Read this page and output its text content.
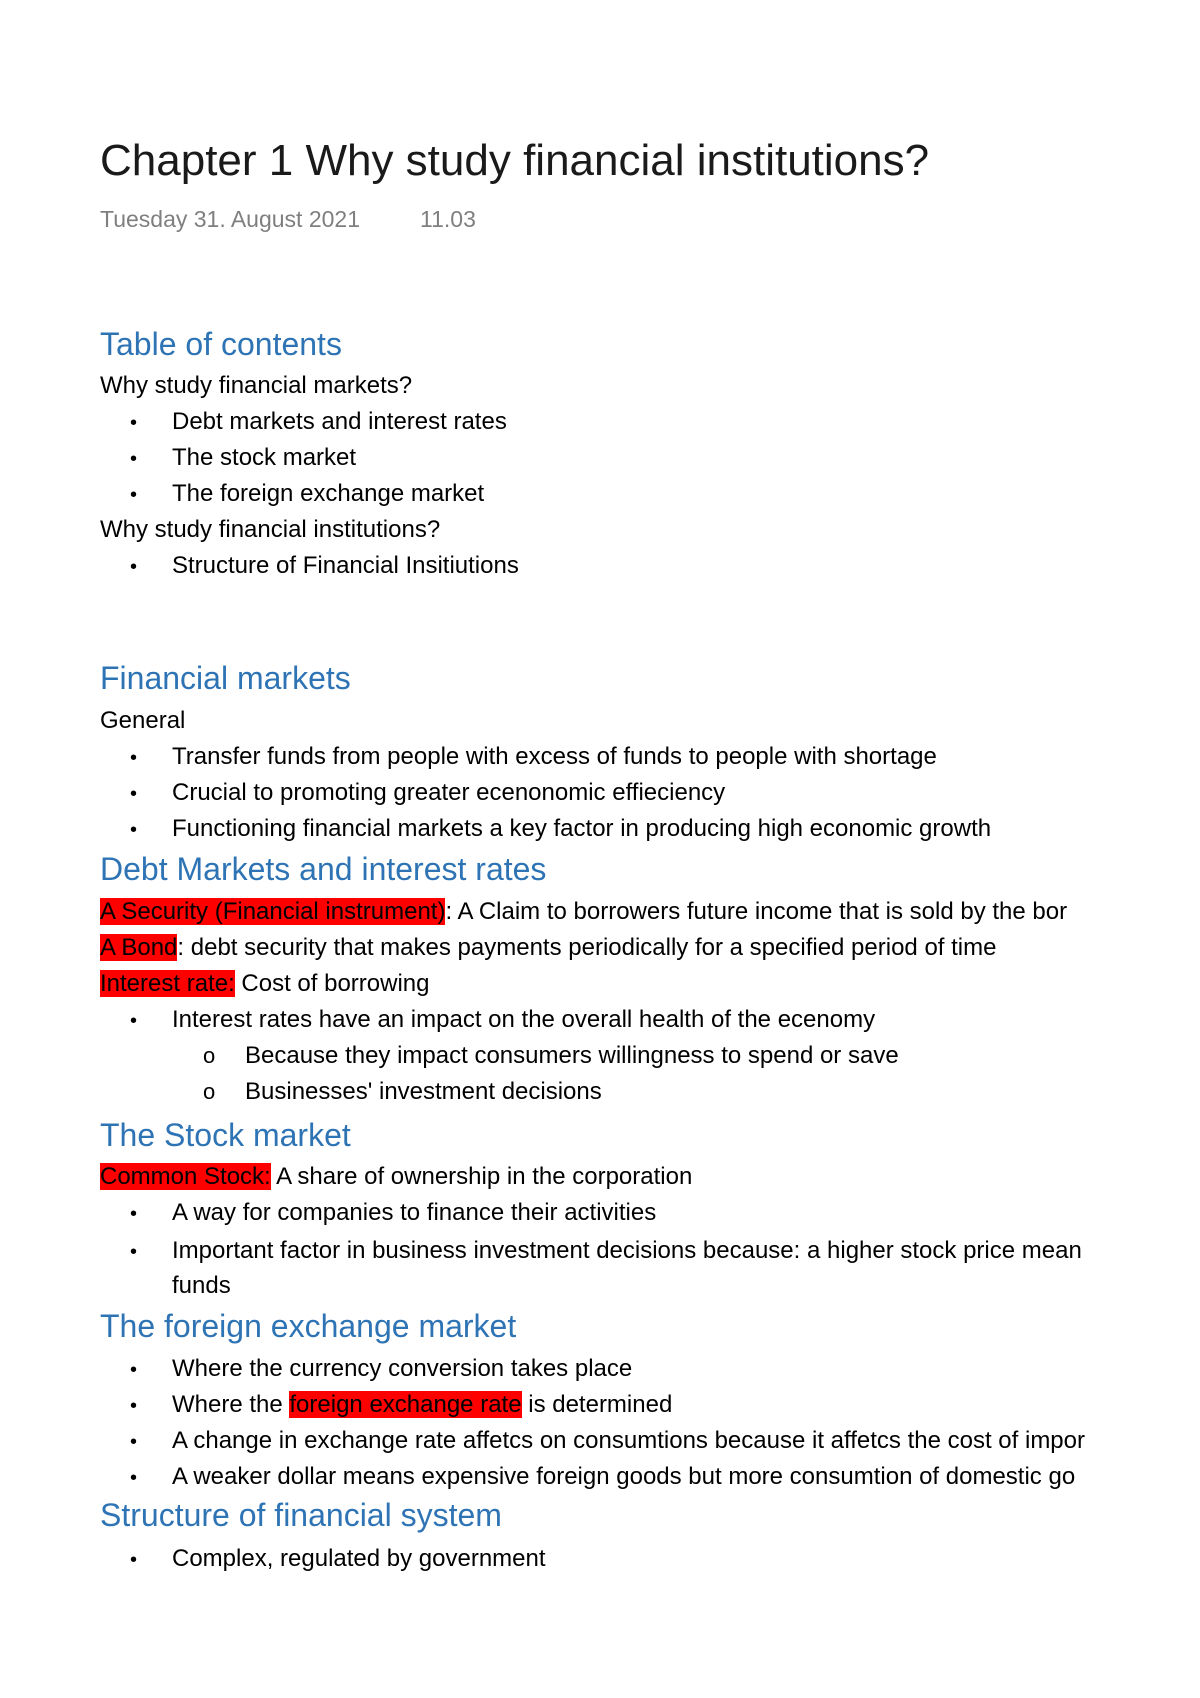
Chapter 1 Why study financial institutions?
Tuesday 31. August 2021	11.03
Table of contents
Why study financial markets?
• Debt markets and interest rates
• The stock market
• The foreign exchange market
Why study financial institutions?
• Structure of Financial Insitiutions
Financial markets
General
• Transfer funds from people with excess of funds to people with shortage
• Crucial to promoting greater ecenonomic effieciency
• Functioning financial markets a key factor in producing high economic growth
Debt Markets and interest rates
A Security (Financial instrument): A Claim to borrowers future income that is sold by the bor
A Bond: debt security that makes payments periodically for a specified period of time
Interest rate: Cost of borrowing
• Interest rates have an impact on the overall health of the ecenomy
o Because they impact consumers willingness to spend or save
o Businesses' investment decisions
The Stock market
Common Stock: A share of ownership in the corporation
• A way for companies to finance their activities
• Important factor in business investment decisions because: a higher stock price mean
funds
The foreign exchange market
• Where the currency conversion takes place
• Where the foreign exchange rate is determined
• A change in exchange rate affetcs on consumtions because it affetcs the cost of impor
• A weaker dollar means expensive foreign goods but more consumtion of domestic go
Structure of financial system
• Complex, regulated by government
